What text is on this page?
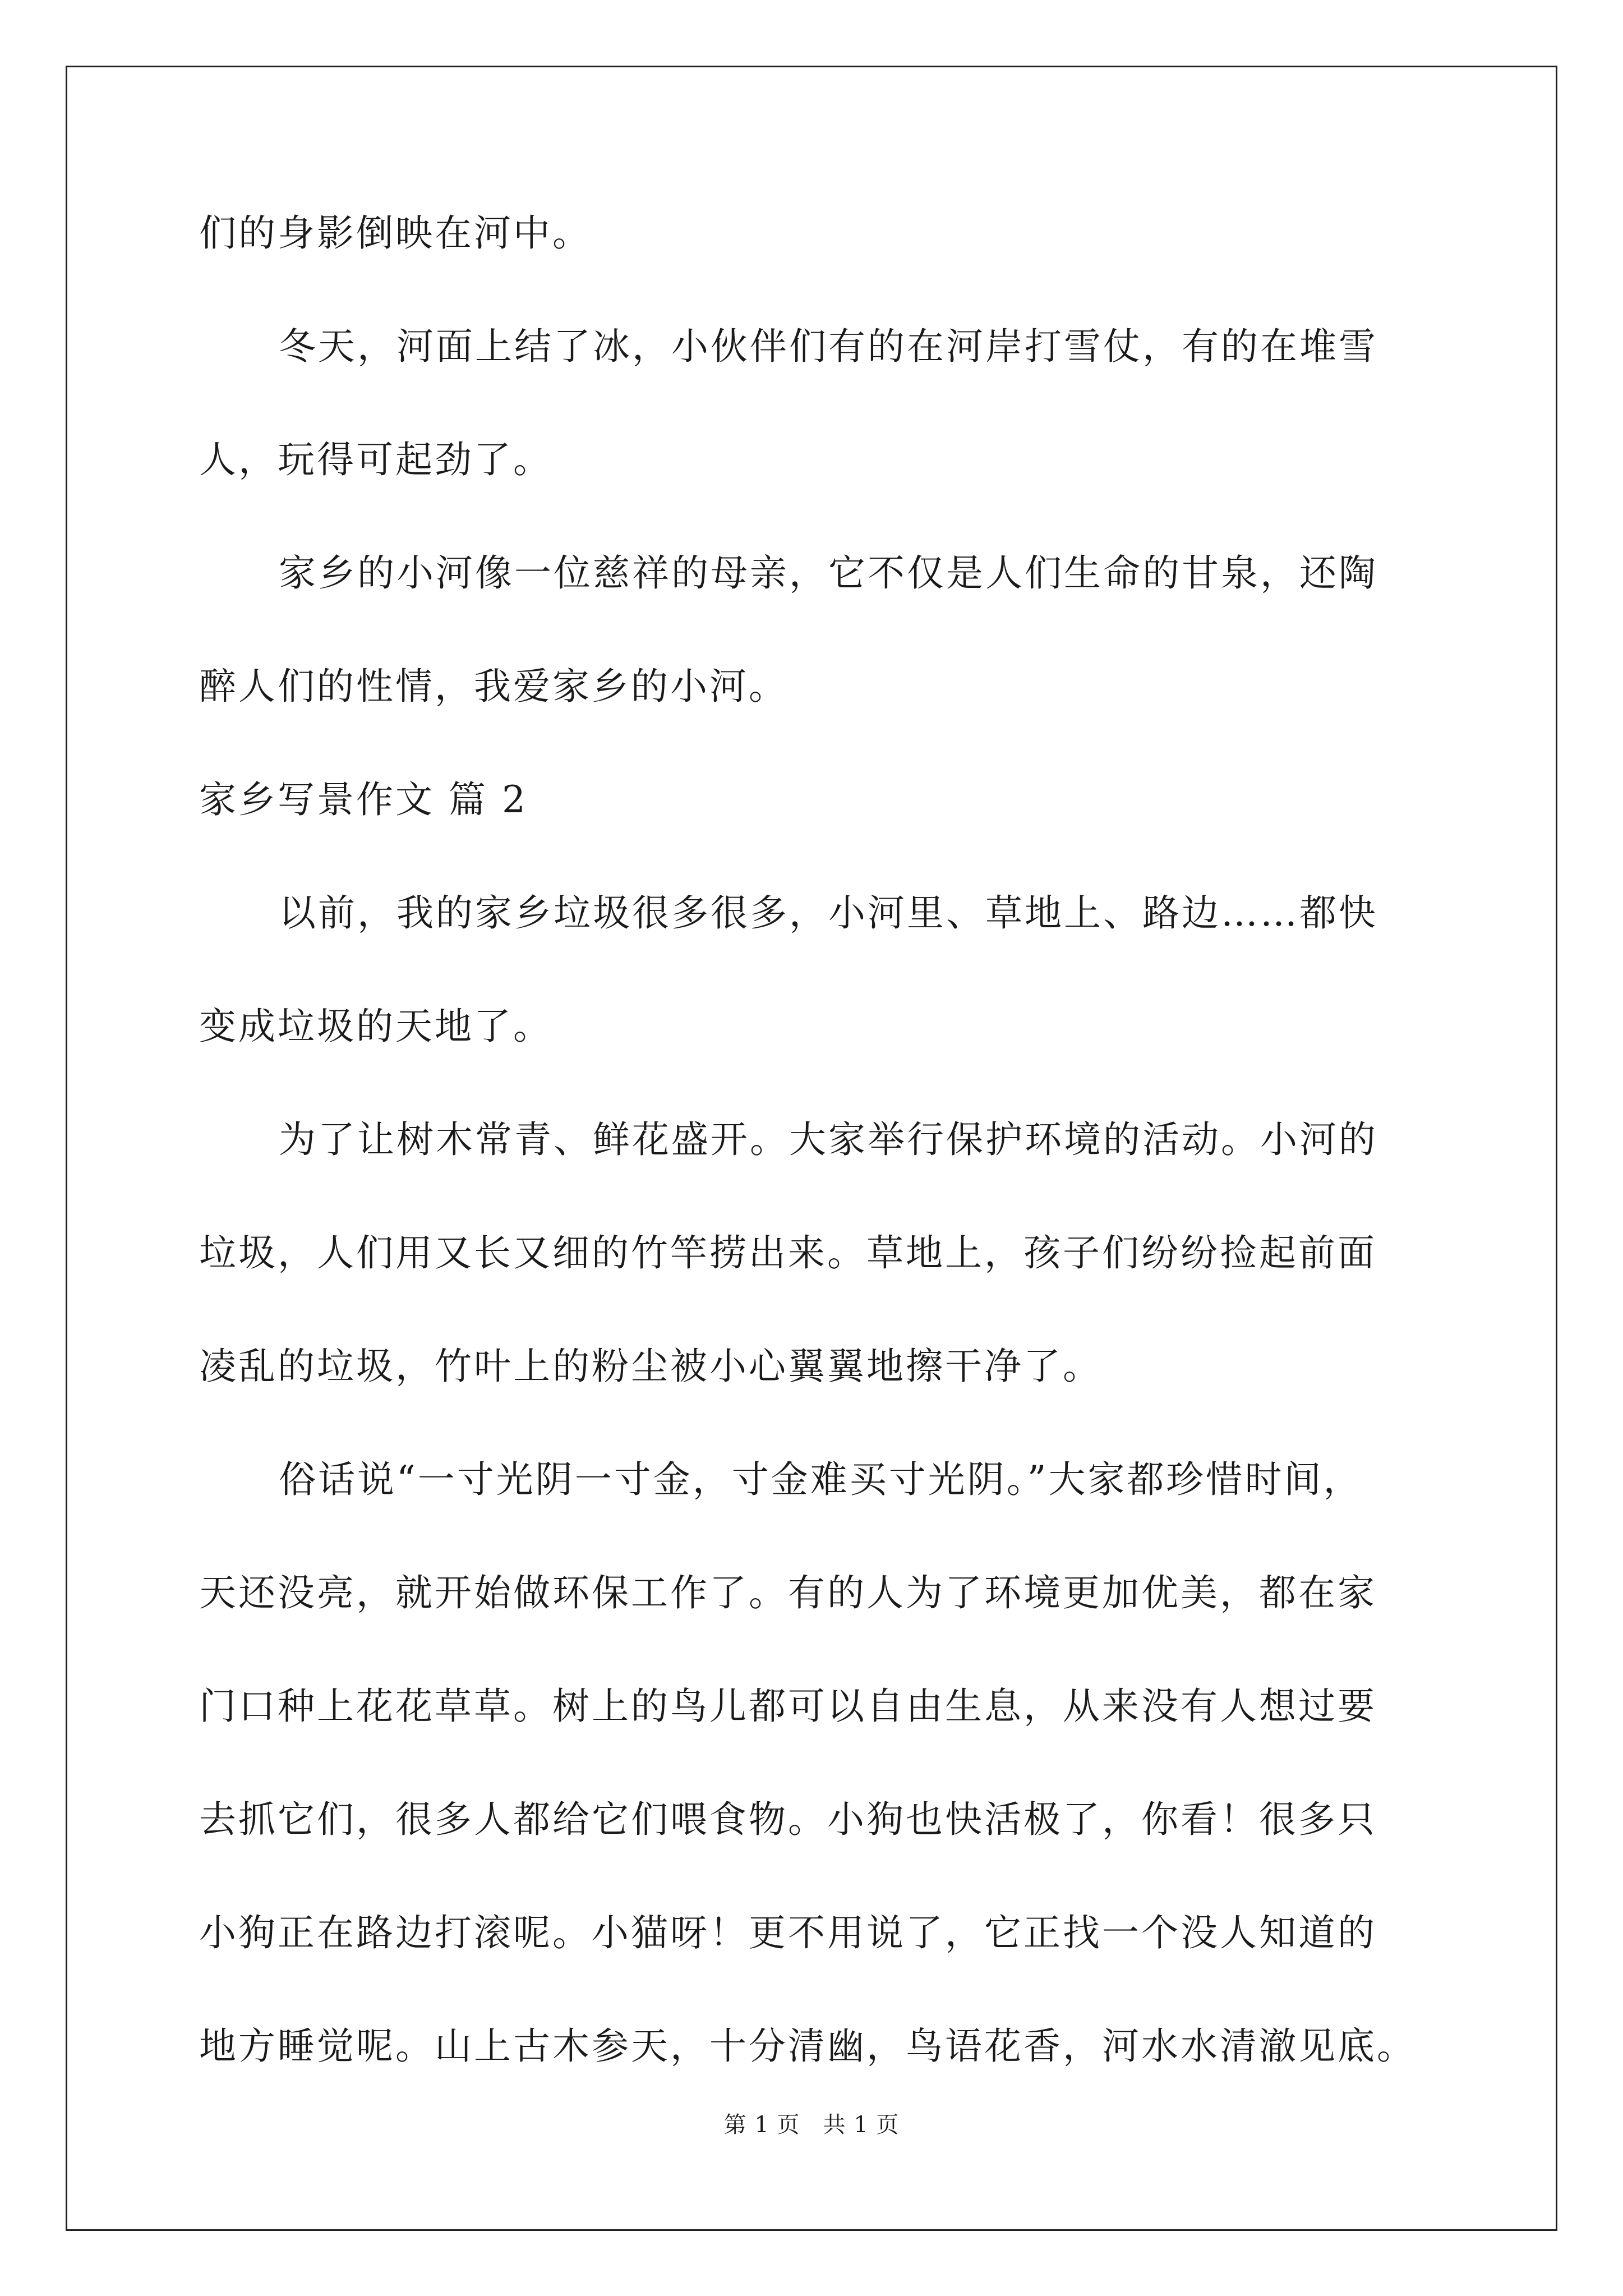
们的身影倒映在河中。

冬天，河面上结了冰，小伙伴们有的在河岸打雪仗，有的在堆雪

人，玩得可起劲了。

家乡的小河像一位慈祥的母亲，它不仅是人们生命的甘泉，还陶

醉人们的性情，我爱家乡的小河。

家乡写景作文 篇 2

以前，我的家乡垃圾很多很多，小河里、草地上、路边……都快

变成垃圾的天地了。

为了让树木常青、鲜花盛开。大家举行保护环境的活动。小河的

垃圾，人们用又长又细的竹竿捞出来。草地上，孩子们纷纷捡起前面

凌乱的垃圾，竹叶上的粉尘被小心翼翼地擦干净了。

俗话说“一寸光阴一寸金，寸金难买寸光阴。”大家都珍惜时间，

天还没亮，就开始做环保工作了。有的人为了环境更加优美，都在家

门口种上花花草草。树上的鸟儿都可以自由生息，从来没有人想过要

去抓它们，很多人都给它们喂食物。小狗也快活极了，你看！很多只

小狗正在路边打滚呢。小猫呀！更不用说了，它正找一个没人知道的

地方睡觉呢。山上古木参天，十分清幽，鸟语花香，河水水清澈见底。

第 1 页　共 1 页
